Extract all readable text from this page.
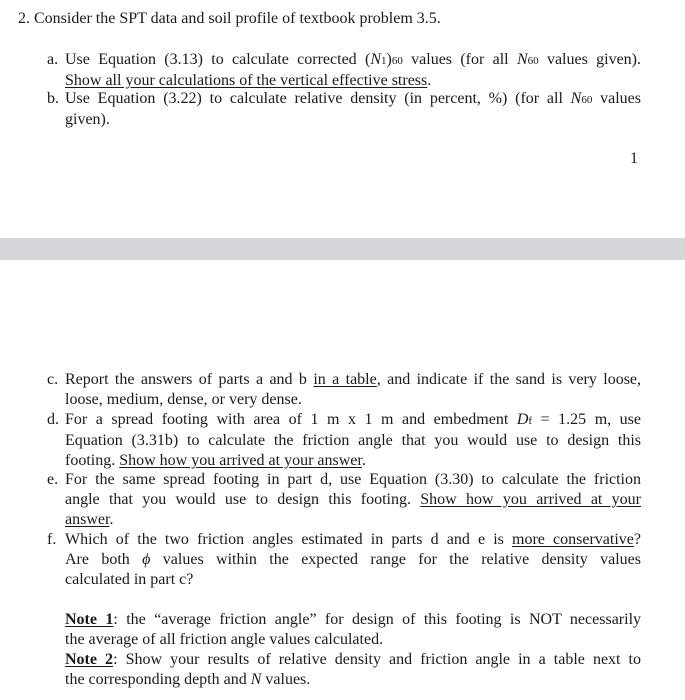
2. Consider the SPT data and soil profile of textbook problem 3.5.
a. Use Equation (3.13) to calculate corrected (N1)60 values (for all N60 values given).
Show all your calculations of the vertical effective stress.
b. Use Equation (3.22) to calculate relative density (in percent, %) (for all N60 values
given).
1
c. Report the answers of parts a and b in a table, and indicate if the sand is very loose,
loose, medium, dense, or very dense.
d. For a spread footing with area of 1 m x 1 m and embedment Df = 1.25 m, use
Equation (3.31b) to calculate the friction angle that you would use to design this
footing. Show how you arrived at your answer.
e. For the same spread footing in part d, use Equation (3.30) to calculate the friction
angle that you would use to design this footing. Show how you arrived at your
answer.
f. Which of the two friction angles estimated in parts d and e is more conservative?
Are both ϕ values within the expected range for the relative density values
calculated in part c?
Note 1: the “average friction angle” for design of this footing is NOT necessarily
the average of all friction angle values calculated.
Note 2: Show your results of relative density and friction angle in a table next to
the corresponding depth and N values.
